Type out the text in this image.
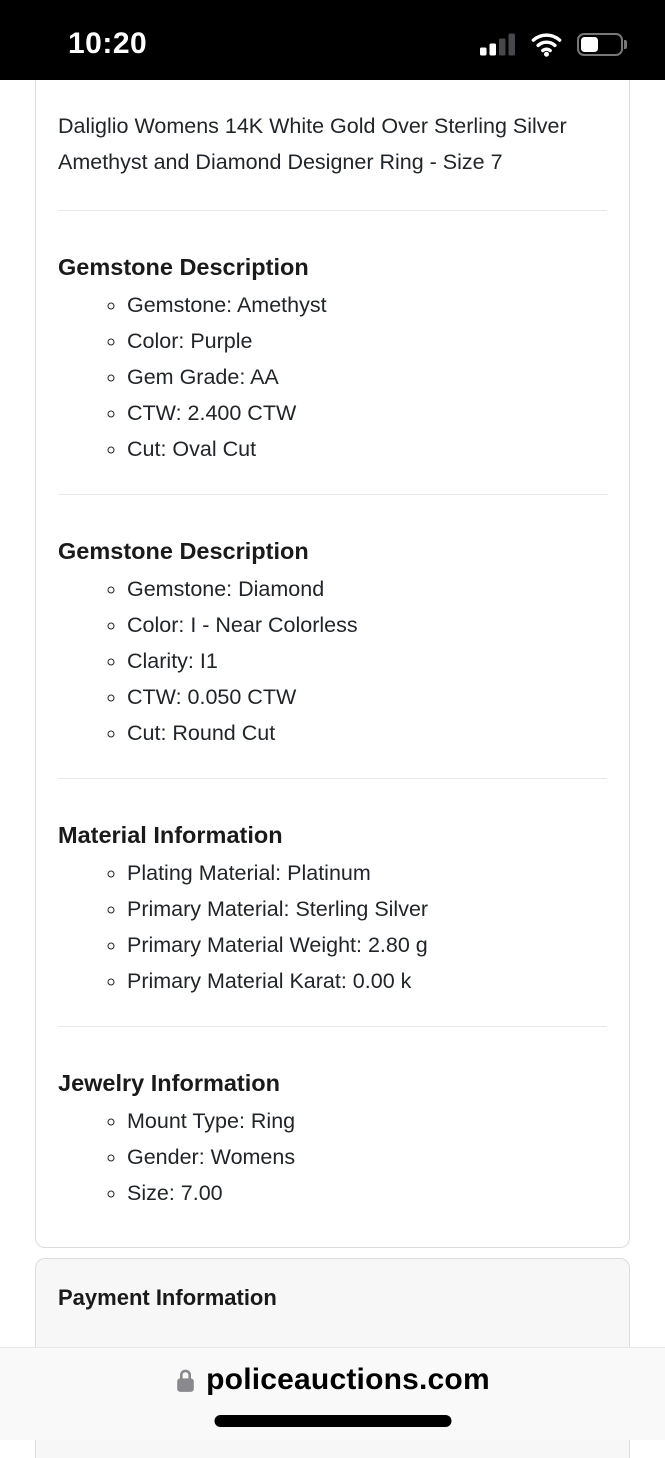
10:20
Daliglio Womens 14K White Gold Over Sterling Silver Amethyst and Diamond Designer Ring - Size 7
Gemstone Description
◦ Gemstone: Amethyst
◦ Color: Purple
◦ Gem Grade: AA
◦ CTW: 2.400 CTW
◦ Cut: Oval Cut
Gemstone Description
◦ Gemstone: Diamond
◦ Color: I - Near Colorless
◦ Clarity: I1
◦ CTW: 0.050 CTW
◦ Cut: Round Cut
Material Information
◦ Plating Material: Platinum
◦ Primary Material: Sterling Silver
◦ Primary Material Weight: 2.80 g
◦ Primary Material Karat: 0.00 k
Jewelry Information
◦ Mount Type: Ring
◦ Gender: Womens
◦ Size: 7.00
Payment Information
policeauctions.com
